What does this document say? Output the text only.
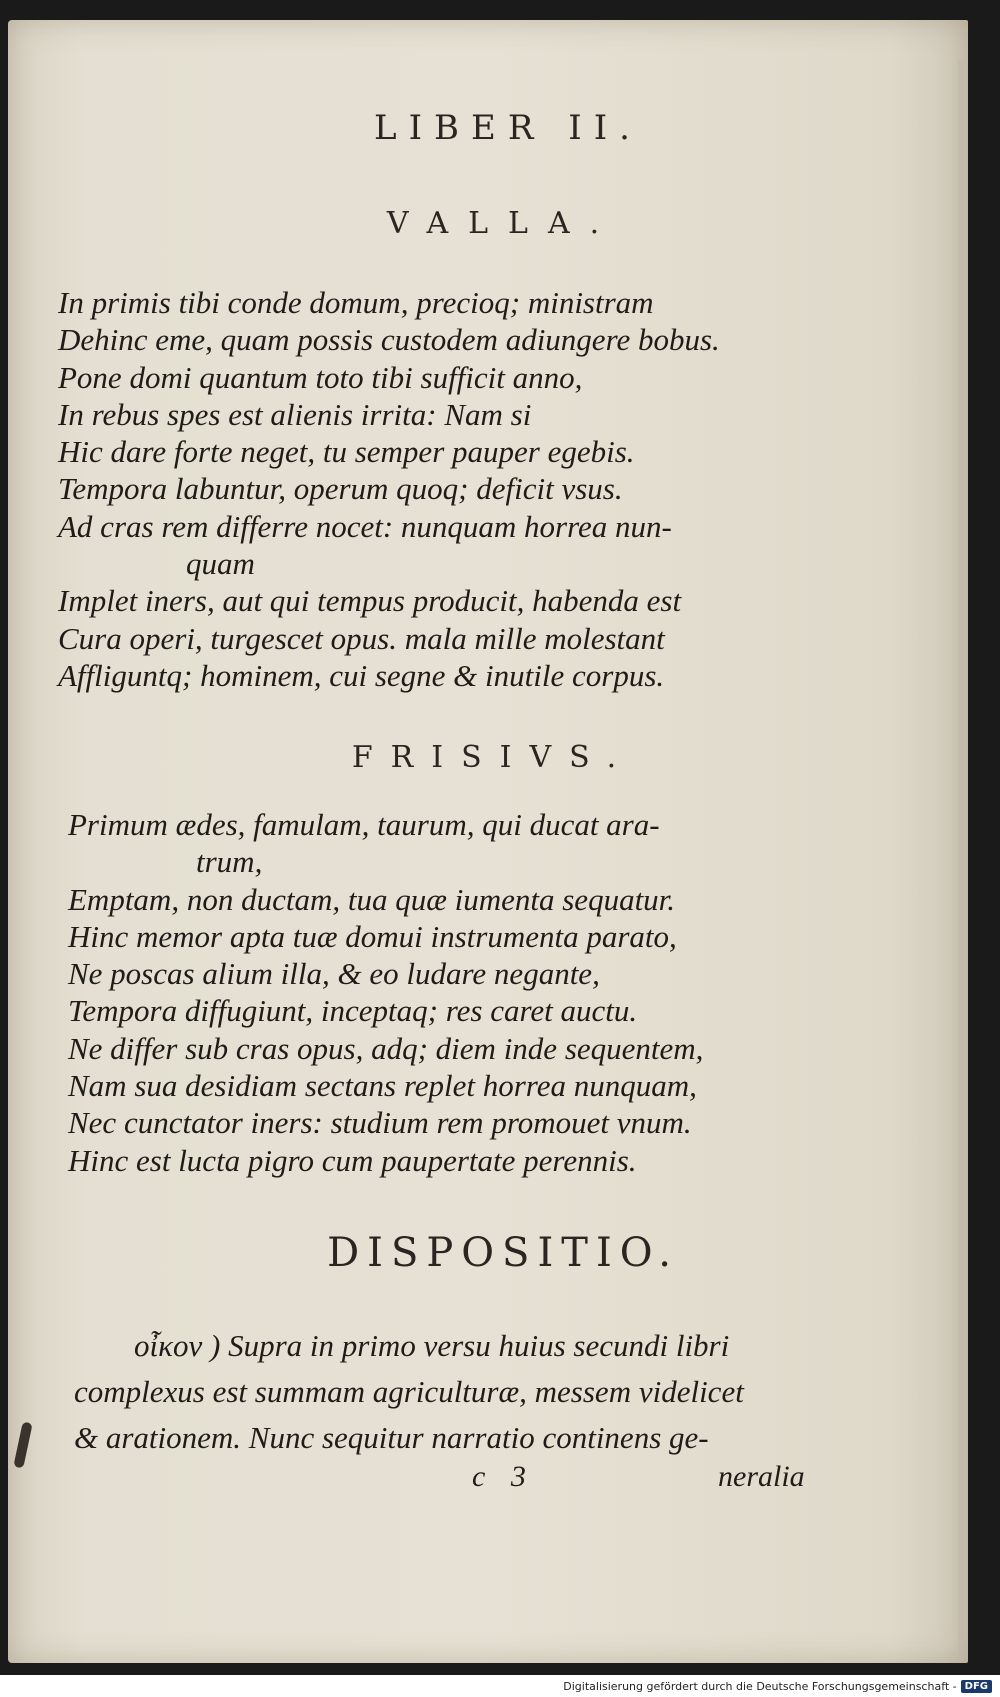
LIBER II.
VALLA.
In primis tibi conde domum, precioq; ministram
Dehinc eme, quam possis custodem adiungere bobus.
Pone domi quantum toto tibi sufficit anno,
In rebus spes est alienis irrita: Nam si
Hic dare forte neget, tu semper pauper egebis.
Tempora labuntur, operum quoq; deficit vsus.
Ad cras rem differre nocet: nunquam horrea nun-
quam
Implet iners, aut qui tempus producit, habenda est
Cura operi, turgescet opus. mala mille molestant
Affliguntq; hominem, cui segne & inutile corpus.
FRISIVS.
Primum ædes, famulam, taurum, qui ducat ara-
trum,
Emptam, non ductam, tua quæ iumenta sequatur.
Hinc memor apta tuæ domui instrumenta parato,
Ne poscas alium illa, & eo ludare negante,
Tempora diffugiunt, inceptaq; res caret auctu.
Ne differ sub cras opus, adq; diem inde sequentem,
Nam sua desidiam sectans replet horrea nunquam,
Nec cunctator iners: studium rem promouet vnum.
Hinc est lucta pigro cum paupertate perennis.
DISPOSITIO.
οἶκον ) Supra in primo versu huius secundi libri
complexus est summam agriculturæ, messem videlicet
& arationem. Nunc sequitur narratio continens ge-
c 3	neralia
Digitalisierung gefördert durch die Deutsche Forschungsgemeinschaft - DFG
